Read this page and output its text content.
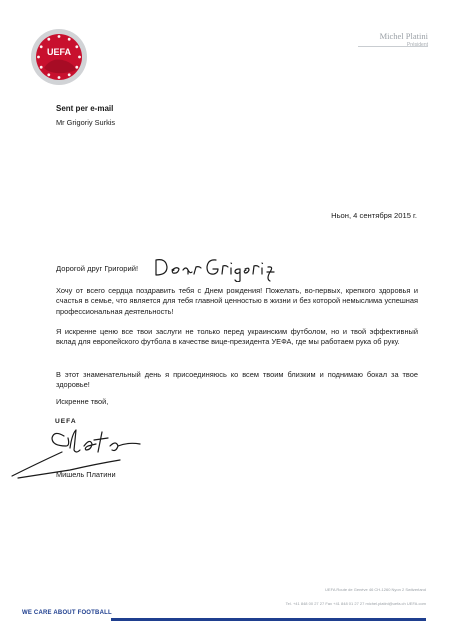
UEFA
Michel Platini
Sent per e-mail
Mr Grigoriy Surkis
Ньон, 4 сентября 2015 г.
Дорогой друг Григорий!

Хочу от всего сердца поздравить тебя с Днем рождения! Пожелать, во-первых, крепкого здоровья и счастья в семье, что является для тебя главной ценностью в жизни и без которой немыслима успешная профессиональная деятельность!

Я искренне ценю все твои заслуги не только перед украинским футболом, но и твой эффективный вклад для европейского футбола в качестве вице-президента УЕФА, где мы работаем рука об руку.

В этот знаменательный день я присоединяюсь ко всем твоим близким и поднимаю бокал за твое здоровье!

Искренне твой,
UEFA
Мишель Платини
UEFA Route de Genève 46 CH-1260 Nyon 2 Switzerland
Tel. +41 848 00 27 27 Fax +41 848 01 27 27 michel.platini@uefa.ch UEFA.com
WE CARE ABOUT FOOTBALL
